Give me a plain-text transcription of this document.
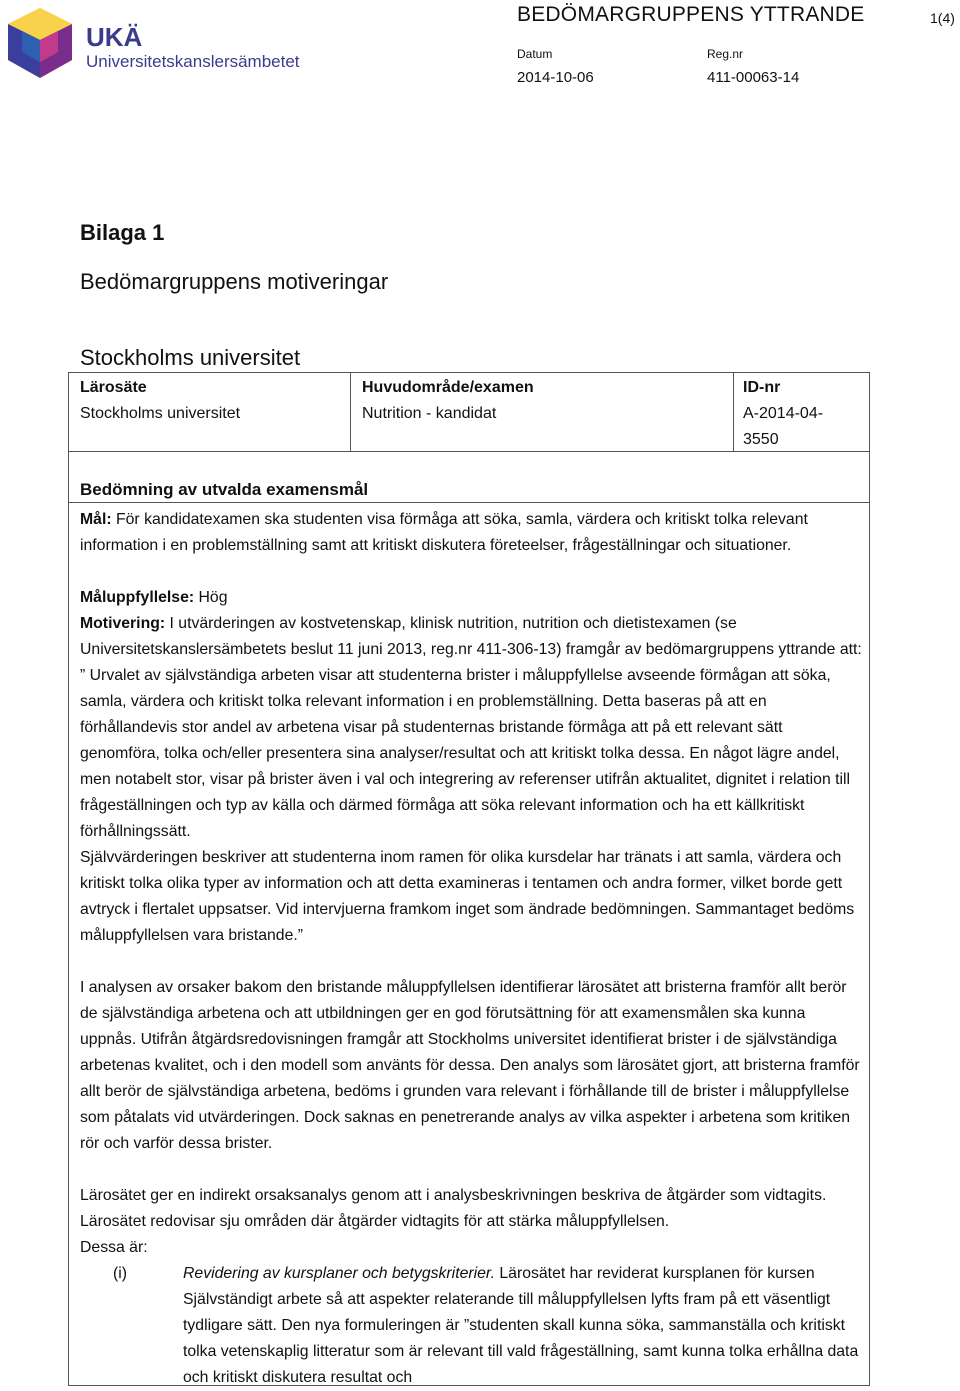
UKÄ
Universitetskanslersämbetet
BEDÖMARGRUPPENS YTTRANDE	1(4)
Datum
2014-10-06
Reg.nr
411-00063-14
Bilaga 1
Bedömargruppens motiveringar
Stockholms universitet
Lärosäte
Stockholms universitet
Huvudområde/examen
Nutrition - kandidat
ID-nr
A-2014-04-
3550
Bedömning av utvalda examensmål
Mål: För kandidatexamen ska studenten visa förmåga att söka, samla, värdera och kritiskt tolka relevant information i en problemställning samt att kritiskt diskutera företeelser, frågeställningar och situationer.
Måluppfyllelse: Hög
Motivering: I utvärderingen av kostvetenskap, klinisk nutrition, nutrition och dietistexamen (se Universitetskanslersämbetets beslut 11 juni 2013, reg.nr 411-306-13) framgår av bedömargruppens yttrande att: ” Urvalet av självständiga arbeten visar att studenterna brister i måluppfyllelse avseende förmågan att söka, samla, värdera och kritiskt tolka relevant information i en problemställning. Detta baseras på att en förhållandevis stor andel av arbetena visar på studenternas bristande förmåga att på ett relevant sätt genomföra, tolka och/eller presentera sina analyser/resultat och att kritiskt tolka dessa. En något lägre andel, men notabelt stor, visar på brister även i val och integrering av referenser utifrån aktualitet, dignitet i relation till frågeställningen och typ av källa och därmed förmåga att söka relevant information och ha ett källkritiskt förhållningssätt.
Självvärderingen beskriver att studenterna inom ramen för olika kursdelar har tränats i att samla, värdera och kritiskt tolka olika typer av information och att detta examineras i tentamen och andra former, vilket borde gett avtryck i flertalet uppsatser. Vid intervjuerna framkom inget som ändrade bedömningen. Sammantaget bedöms måluppfyllelsen vara bristande.”
I analysen av orsaker bakom den bristande måluppfyllelsen identifierar lärosätet att bristerna framför allt berör de självständiga arbetena och att utbildningen ger en god förutsättning för att examensmålen ska kunna uppnås. Utifrån åtgärdsredovisningen framgår att Stockholms universitet identifierat brister i de självständiga arbetenas kvalitet, och i den modell som använts för dessa. Den analys som lärosätet gjort, att bristerna framför allt berör de självständiga arbetena, bedöms i grunden vara relevant i förhållande till de brister i måluppfyllelse som påtalats vid utvärderingen. Dock saknas en penetrerande analys av vilka aspekter i arbetena som kritiken rör och varför dessa brister.
Lärosätet ger en indirekt orsaksanalys genom att i analysbeskrivningen beskriva de åtgärder som vidtagits. Lärosätet redovisar sju områden där åtgärder vidtagits för att stärka måluppfyllelsen.
Dessa är:
(i)	Revidering av kursplaner och betygskriterier. Lärosätet har reviderat kursplanen för kursen Självständigt arbete så att aspekter relaterande till måluppfyllelsen lyfts fram på ett väsentligt tydligare sätt. Den nya formuleringen är ”studenten skall kunna söka, sammanställa och kritiskt tolka vetenskaplig litteratur som är relevant till vald frågeställning, samt kunna tolka erhållna data och kritiskt diskutera resultat och
